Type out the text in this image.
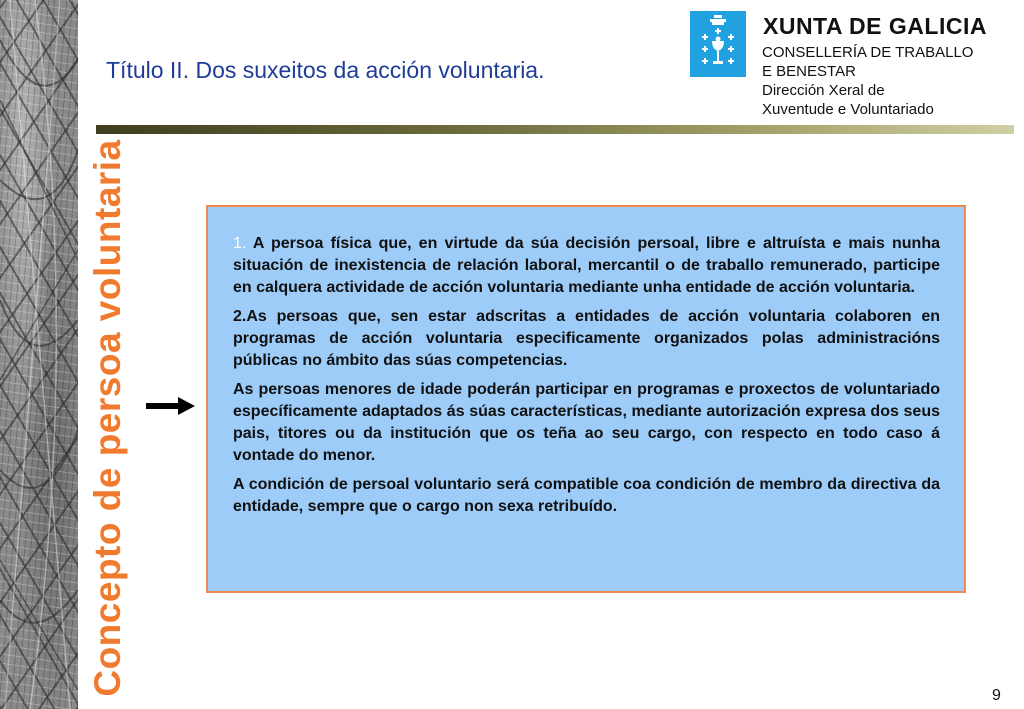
Concepto de persoa voluntaria
Título II. Dos suxeitos da acción voluntaria.
XUNTA DE GALICIA
CONSELLERÍA DE TRABALLO
E BENESTAR
Dirección Xeral de
Xuventude e Voluntariado

1. A persoa física que, en virtude da súa decisión persoal, libre e altruísta e mais nunha situación de inexistencia de relación laboral, mercantil o de traballo remunerado, participe en calquera actividade de acción voluntaria mediante unha entidade de acción voluntaria.

2.As persoas que, sen estar adscritas a entidades de acción voluntaria colaboren en programas de acción voluntaria especificamente organizados polas administracións públicas no ámbito das súas competencias.

As persoas menores de idade poderán participar en programas e proxectos de voluntariado específicamente adaptados ás súas características, mediante autorización expresa dos seus pais, titores ou da institución que os teña ao seu cargo, con respecto en todo caso á vontade do menor.

A condición de persoal voluntario será compatible coa condición de membro da directiva da entidade, sempre que o cargo non sexa retribuído.

9
